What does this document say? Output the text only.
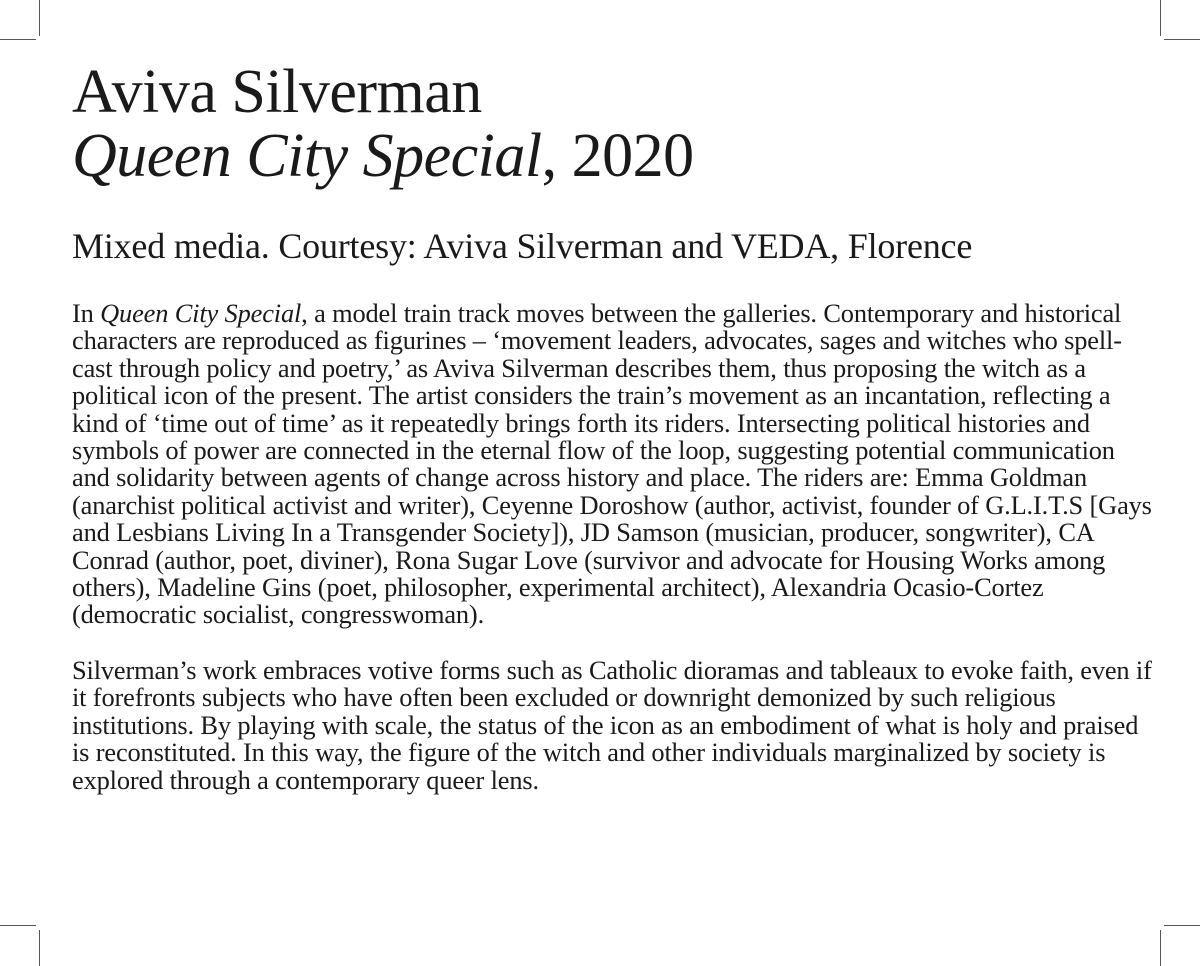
Aviva Silverman

Queen City Special, 2020

Mixed media. Courtesy: Aviva Silverman and VEDA, Florence

In Queen City Special, a model train track moves between the galleries. Contemporary and historical characters are reproduced as figurines – ‘movement leaders, advocates, sages and witches who spell-cast through policy and poetry,’ as Aviva Silverman describes them, thus proposing the witch as a political icon of the present. The artist considers the train’s movement as an incantation, reflecting a kind of ‘time out of time’ as it repeatedly brings forth its riders. Intersecting political histories and symbols of power are connected in the eternal flow of the loop, suggesting potential communication and solidarity between agents of change across history and place. The riders are: Emma Goldman (anarchist political activist and writer), Ceyenne Doroshow (author, activist, founder of G.L.I.T.S [Gays and Lesbians Living In a Transgender Society]), JD Samson (musician, producer, songwriter), CA Conrad (author, poet, diviner), Rona Sugar Love (survivor and advocate for Housing Works among others), Madeline Gins (poet, philosopher, experimental architect), Alexandria Ocasio-Cortez (democratic socialist, congresswoman).

Silverman’s work embraces votive forms such as Catholic dioramas and tableaux to evoke faith, even if it forefronts subjects who have often been excluded or downright demonized by such religious institutions. By playing with scale, the status of the icon as an embodiment of what is holy and praised is reconstituted. In this way, the figure of the witch and other individuals marginalized by society is explored through a contemporary queer lens.
